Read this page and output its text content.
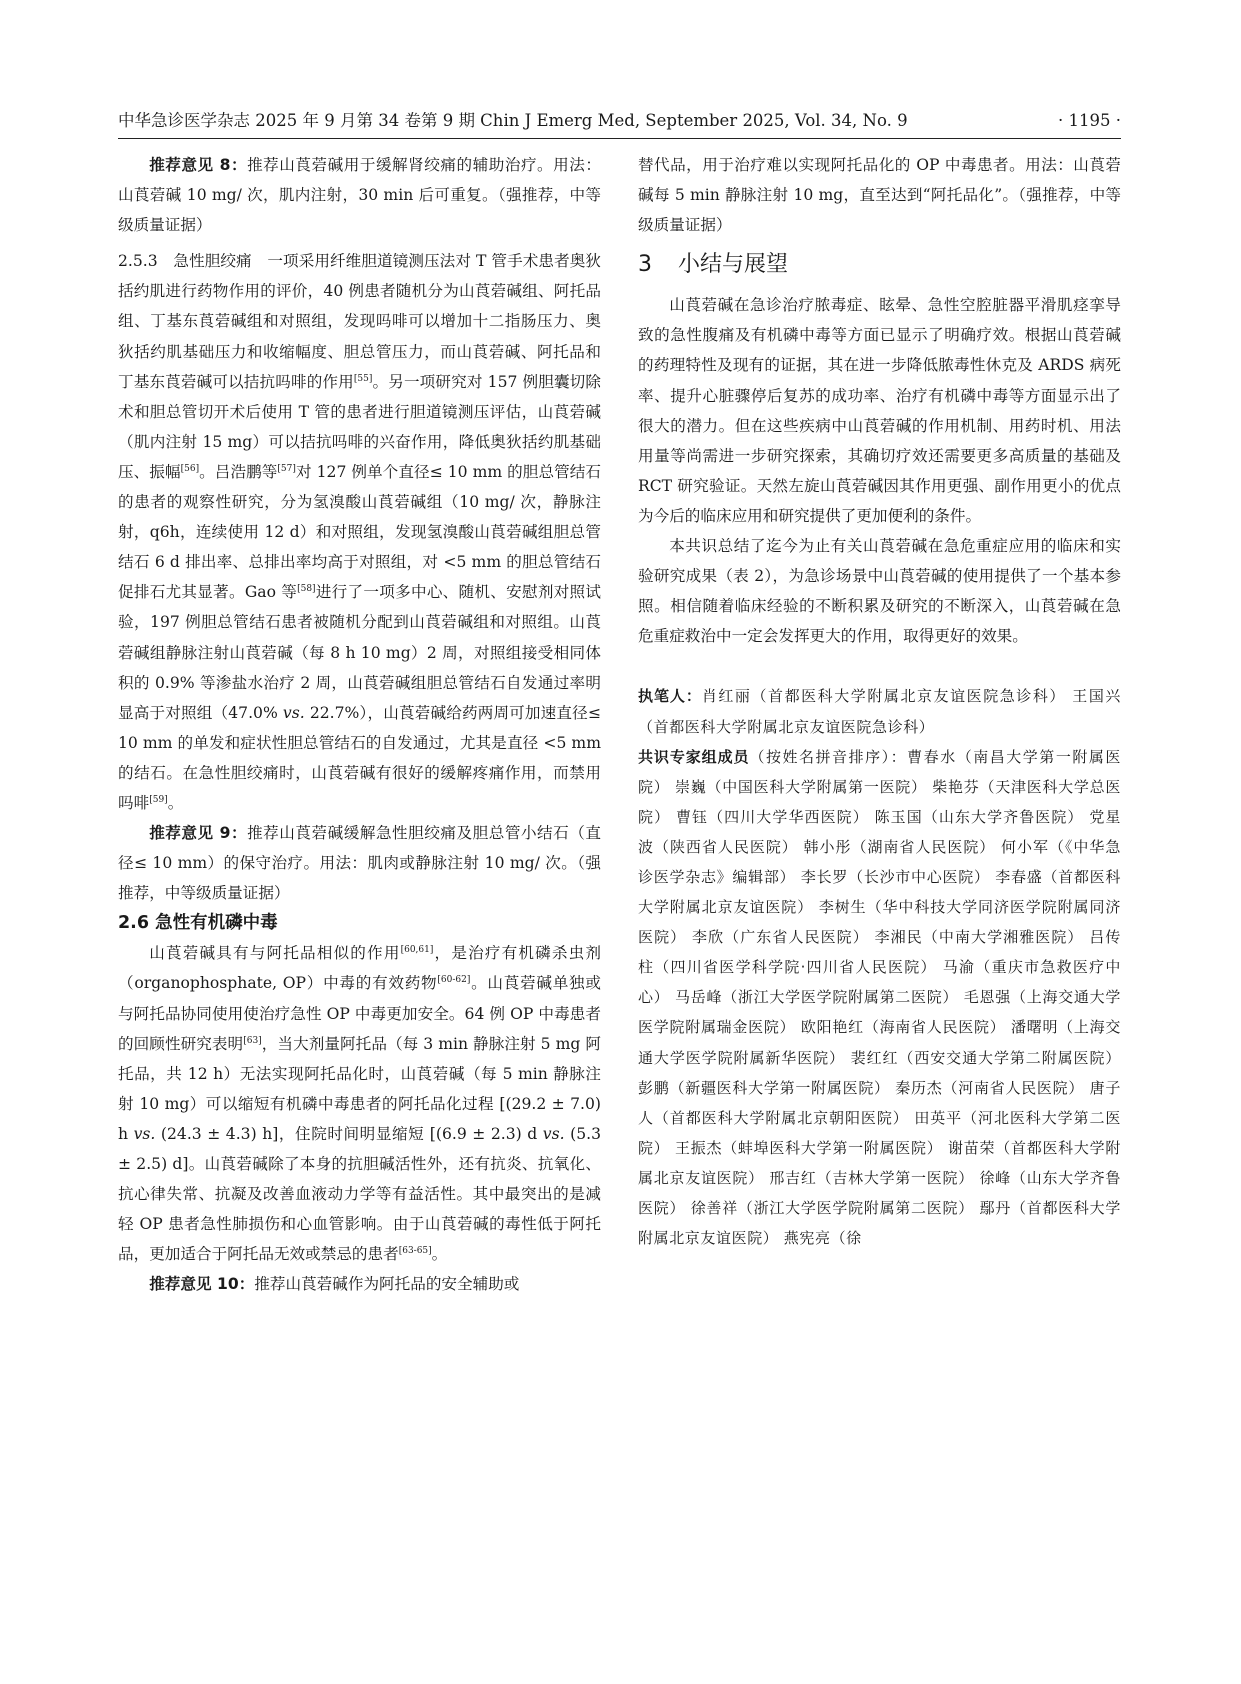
中华急诊医学杂志 2025 年 9 月第 34 卷第 9 期 Chin J Emerg Med, September 2025, Vol. 34, No. 9	· 1195 ·

推荐意见 8：推荐山莨菪碱用于缓解肾绞痛的辅助治疗。用法：山莨菪碱 10 mg/ 次，肌内注射，30 min 后可重复。（强推荐，中等级质量证据）

2.5.3　急性胆绞痛　一项采用纤维胆道镜测压法对 T 管手术患者奥狄括约肌进行药物作用的评价，40 例患者随机分为山莨菪碱组、阿托品组、丁基东莨菪碱组和对照组，发现吗啡可以增加十二指肠压力、奥狄括约肌基础压力和收缩幅度、胆总管压力，而山莨菪碱、阿托品和丁基东莨菪碱可以拮抗吗啡的作用[55]。另一项研究对 157 例胆囊切除术和胆总管切开术后使用 T 管的患者进行胆道镜测压评估，山莨菪碱（肌内注射 15 mg）可以拮抗吗啡的兴奋作用，降低奥狄括约肌基础压、振幅[56]。吕浩鹏等[57]对 127 例单个直径≤ 10 mm 的胆总管结石的患者的观察性研究，分为氢溴酸山莨菪碱组（10 mg/ 次，静脉注射，q6h，连续使用 12 d）和对照组，发现氢溴酸山莨菪碱组胆总管结石 6 d 排出率、总排出率均高于对照组，对 <5 mm 的胆总管结石促排石尤其显著。Gao 等[58]进行了一项多中心、随机、安慰剂对照试验，197 例胆总管结石患者被随机分配到山莨菪碱组和对照组。山莨菪碱组静脉注射山莨菪碱（每 8 h 10 mg）2 周，对照组接受相同体积的 0.9% 等渗盐水治疗 2 周，山莨菪碱组胆总管结石自发通过率明显高于对照组（47.0% vs. 22.7%），山莨菪碱给药两周可加速直径≤ 10 mm 的单发和症状性胆总管结石的自发通过，尤其是直径 <5 mm 的结石。在急性胆绞痛时，山莨菪碱有很好的缓解疼痛作用，而禁用吗啡[59]。

推荐意见 9：推荐山莨菪碱缓解急性胆绞痛及胆总管小结石（直径≤ 10 mm）的保守治疗。用法：肌肉或静脉注射 10 mg/ 次。（强推荐，中等级质量证据）

2.6 急性有机磷中毒

山莨菪碱具有与阿托品相似的作用[60,61]，是治疗有机磷杀虫剂（organophosphate, OP）中毒的有效药物[60-62]。山莨菪碱单独或与阿托品协同使用使治疗急性 OP 中毒更加安全。64 例 OP 中毒患者的回顾性研究表明[63]，当大剂量阿托品（每 3 min 静脉注射 5 mg 阿托品，共 12 h）无法实现阿托品化时，山莨菪碱（每 5 min 静脉注射 10 mg）可以缩短有机磷中毒患者的阿托品化过程 [(29.2 ± 7.0) h vs. (24.3 ± 4.3) h]，住院时间明显缩短 [(6.9 ± 2.3) d vs. (5.3 ± 2.5) d]。山莨菪碱除了本身的抗胆碱活性外，还有抗炎、抗氧化、抗心律失常、抗凝及改善血液动力学等有益活性。其中最突出的是减轻 OP 患者急性肺损伤和心血管影响。由于山莨菪碱的毒性低于阿托品，更加适合于阿托品无效或禁忌的患者[63-65]。

推荐意见 10：推荐山莨菪碱作为阿托品的安全辅助或

替代品，用于治疗难以实现阿托品化的 OP 中毒患者。用法：山莨菪碱每 5 min 静脉注射 10 mg，直至达到“阿托品化”。（强推荐，中等级质量证据）

3 小结与展望

山莨菪碱在急诊治疗脓毒症、眩晕、急性空腔脏器平滑肌痉挛导致的急性腹痛及有机磷中毒等方面已显示了明确疗效。根据山莨菪碱的药理特性及现有的证据，其在进一步降低脓毒性休克及 ARDS 病死率、提升心脏骤停后复苏的成功率、治疗有机磷中毒等方面显示出了很大的潜力。但在这些疾病中山莨菪碱的作用机制、用药时机、用法用量等尚需进一步研究探索，其确切疗效还需要更多高质量的基础及 RCT 研究验证。天然左旋山莨菪碱因其作用更强、副作用更小的优点为今后的临床应用和研究提供了更加便利的条件。

本共识总结了迄今为止有关山莨菪碱在急危重症应用的临床和实验研究成果（表 2），为急诊场景中山莨菪碱的使用提供了一个基本参照。相信随着临床经验的不断积累及研究的不断深入，山莨菪碱在急危重症救治中一定会发挥更大的作用，取得更好的效果。

执笔人：肖红丽（首都医科大学附属北京友谊医院急诊科） 王国兴（首都医科大学附属北京友谊医院急诊科）

共识专家组成员（按姓名拼音排序）：曹春水（南昌大学第一附属医院） 崇巍（中国医科大学附属第一医院） 柴艳芬（天津医科大学总医院） 曹钰（四川大学华西医院） 陈玉国（山东大学齐鲁医院） 党星波（陕西省人民医院） 韩小彤（湖南省人民医院） 何小军（《中华急诊医学杂志》编辑部） 李长罗（长沙市中心医院） 李春盛（首都医科大学附属北京友谊医院） 李树生（华中科技大学同济医学院附属同济医院） 李欣（广东省人民医院） 李湘民（中南大学湘雅医院） 吕传柱（四川省医学科学院·四川省人民医院） 马渝（重庆市急救医疗中心） 马岳峰（浙江大学医学院附属第二医院） 毛恩强（上海交通大学医学院附属瑞金医院） 欧阳艳红（海南省人民医院） 潘曙明（上海交通大学医学院附属新华医院） 裴红红（西安交通大学第二附属医院） 彭鹏（新疆医科大学第一附属医院） 秦历杰（河南省人民医院） 唐子人（首都医科大学附属北京朝阳医院） 田英平（河北医科大学第二医院） 王振杰（蚌埠医科大学第一附属医院） 谢苗荣（首都医科大学附属北京友谊医院） 邢吉红（吉林大学第一医院） 徐峰（山东大学齐鲁医院） 徐善祥（浙江大学医学院附属第二医院） 鄢丹（首都医科大学附属北京友谊医院） 燕宪亮（徐
